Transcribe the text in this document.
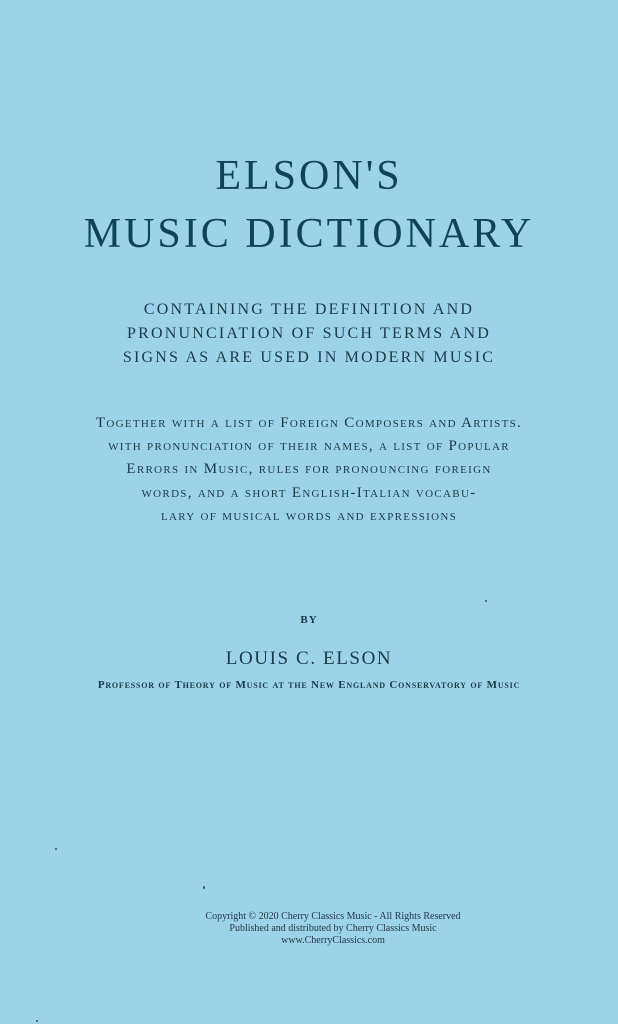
ELSON'S
MUSIC DICTIONARY
CONTAINING THE DEFINITION AND
PRONUNCIATION OF SUCH TERMS AND
SIGNS AS ARE USED IN MODERN MUSIC
Together with a list of Foreign Composers and Artists.
with pronunciation of their names, a list of Popular
Errors in Music, rules for pronouncing foreign
words, and a short English-Italian vocabu-
lary of musical words and expressions
BY
LOUIS C. ELSON
Professor of Theory of Music at the New England Conservatory of Music
Copyright © 2020 Cherry Classics Music - All Rights Reserved
Published and distributed by Cherry Classics Music
www.CherryClassics.com
